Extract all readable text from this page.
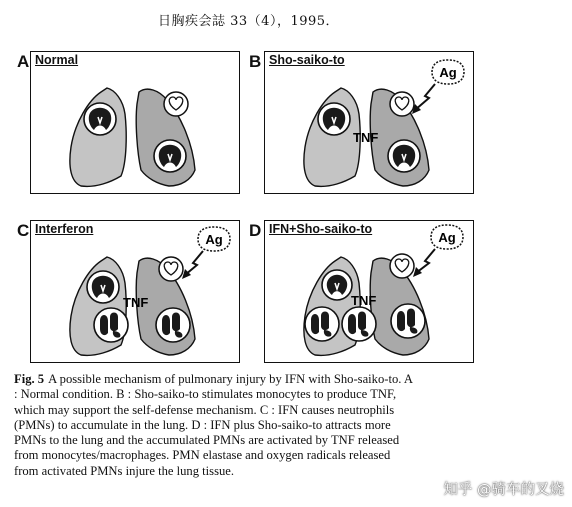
日胸疾会誌 33（4），1995．
A Normal	B Sho-saiko-to
Ag
TNF
C Interferon
Ag
TNF
D IFN+Sho-saiko-to
Ag
TNF
Fig. 5 A possible mechanism of pulmonary injury by IFN with Sho-saiko-to. A
: Normal condition. B : Sho-saiko-to stimulates monocytes to produce TNF,
which may support the self-defense mechanism. C : IFN causes neutrophils
(PMNs) to accumulate in the lung. D : IFN plus Sho-saiko-to attracts more
PMNs to the lung and the accumulated PMNs are activated by TNF released
from monocytes/macrophages. PMN elastase and oxygen radicals released
from activated PMNs injure the lung tissue.
知乎 @骑车的叉烧
